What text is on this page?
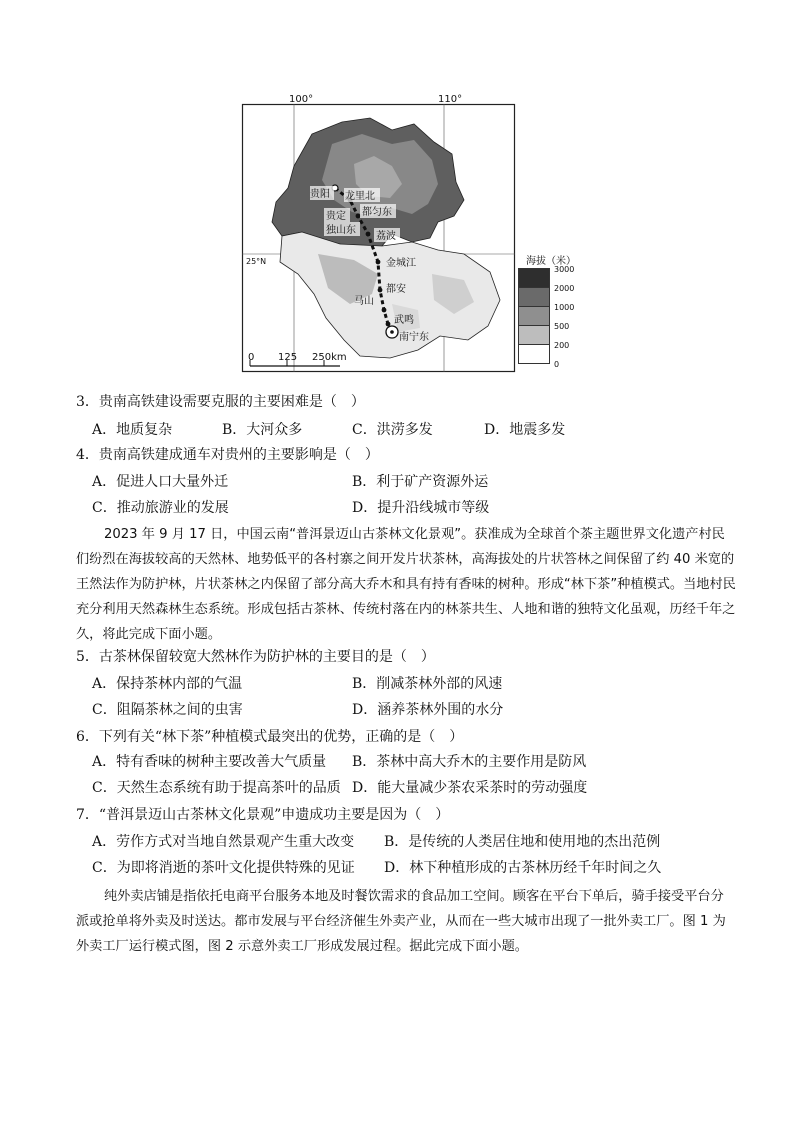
100°	110°
25°N
贵阳 龙里北
都匀东
贵定
独山东
荔波
金城江
都安
马山
武鸣
南宁东
0 125 250km
海拔（米）
3000
2000
1000
500
200
0
3．贵南高铁建设需要克服的主要困难是（　）
A．地质复杂	B．大河众多	C．洪涝多发	D．地震多发
4．贵南高铁建成通车对贵州的主要影响是（　）
A．促进人口大量外迁	B．利于矿产资源外运
C．推动旅游业的发展	D．提升沿线城市等级

2023 年 9 月 17 日，中国云南“普洱景迈山古茶林文化景观”。获准成为全球首个茶主题世界文化遗产村民们纷烈在海拔较高的天然林、地势低平的各村寨之间开发片状茶林，高海拔处的片状答林之间保留了约 40 米宽的王然法作为防护林，片状茶林之内保留了部分高大乔木和具有持有香味的树种。形成“林下茶”种植模式。当地村民充分利用天然森林生态系统。形成包括古茶林、传统村落在内的林茶共生、人地和谐的独特文化虽观，历经千年之久，将此完成下面小题。

5．古茶林保留较宽大然林作为防护林的主要目的是（　）
A．保持茶林内部的气温	B．削减茶林外部的风速
C．阻隔茶林之间的虫害	D．涵养茶林外围的水分
6．下列有关“林下茶”种植模式最突出的优势，正确的是（　）
A．特有香味的树种主要改善大气质量 B．茶林中高大乔木的主要作用是防风
C．天然生态系统有助于提高茶叶的品质 D．能大量减少茶农采茶时的劳动强度
7．“普洱景迈山古茶林文化景观”申遗成功主要是因为（　）
A．劳作方式对当地自然景观产生重大改变 B．是传统的人类居住地和使用地的杰出范例
C．为即将消逝的茶叶文化提供特殊的见证 D．林下种植形成的古茶林历经千年时间之久

纯外卖店铺是指依托电商平台服务本地及时餐饮需求的食品加工空间。顾客在平台下单后，骑手接受平台分派或抢单将外卖及时送达。都市发展与平台经济催生外卖产业，从而在一些大城市出现了一批外卖工厂。图 1 为外卖工厂运行模式图，图 2 示意外卖工厂形成发展过程。据此完成下面小题。
